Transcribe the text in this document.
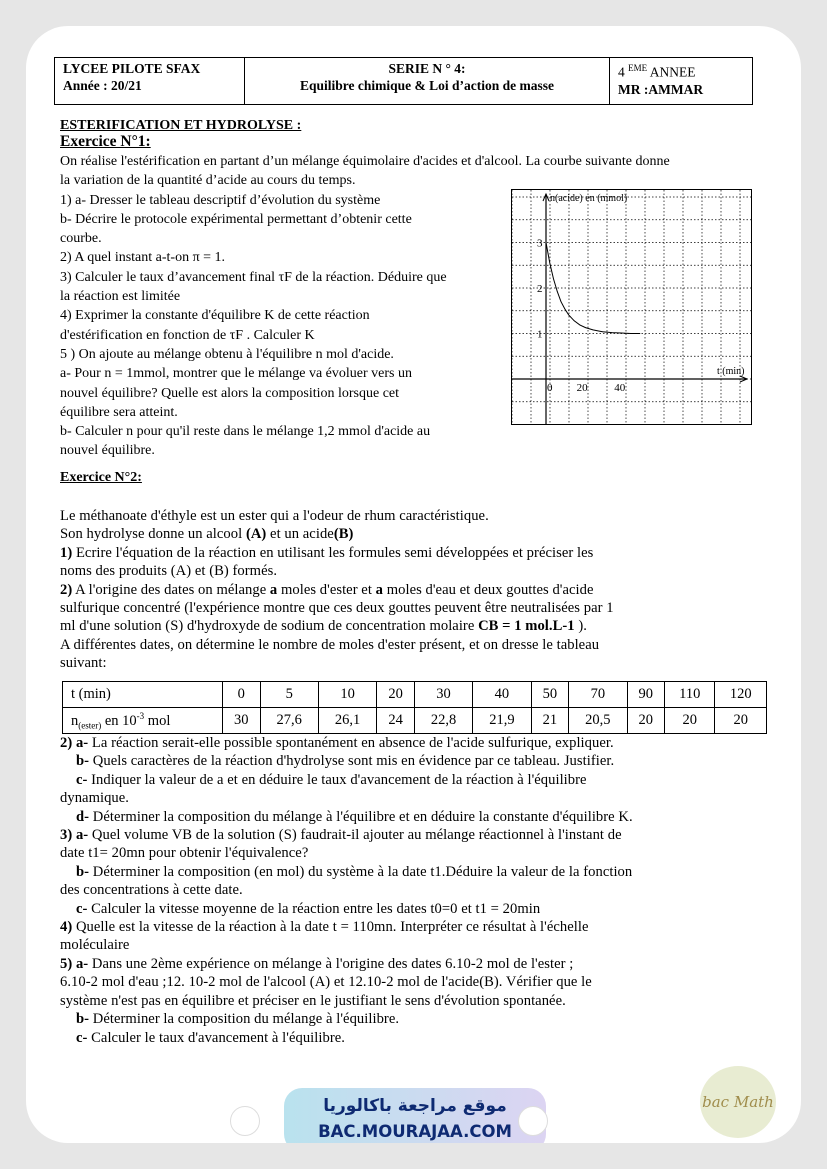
LYCEE PILOTE SFAX
Année : 20/21
SERIE N ° 4:
Equilibre chimique & Loi d’action de masse
4 $^{EME}$ ANNEE
MR :AMMAR
ESTERIFICATION ET HYDROLYSE :
Exercice N°1:
On réalise l'estérification en partant d’un mélange équimolaire d'acides et d'alcool. La courbe suivante donne
la variation de la quantité d’acide au cours du temps.
1) a- Dresser le tableau descriptif d’évolution du système
b- Décrire le protocole expérimental permettant d’obtenir cette
courbe.
2) A quel instant a-t-on π = 1.
3) Calculer le taux d’avancement final τF de la réaction. Déduire que
la réaction est limitée
4) Exprimer la constante d'équilibre K de cette réaction
d'estérification en fonction de τF . Calculer K
5 ) On ajoute au mélange obtenu à l'équilibre n mol d'acide.
a- Pour n = 1mmol, montrer que le mélange va évoluer vers un
nouvel équilibre? Quelle est alors la composition lorsque cet
équilibre sera atteint.
b- Calculer n pour qu'il reste dans le mélange 1,2 mmol d'acide au
nouvel équilibre.
n(acide) en (mmol)
t (min)
1
2
3
0 20 40
Exercice N°2:
Le méthanoate d'éthyle est un ester qui a l'odeur de rhum caractéristique.
Son hydrolyse donne un alcool (A) et un acide(B)
1) Ecrire l'équation de la réaction en utilisant les formules semi développées et préciser les
noms des produits (A) et (B) formés.
2) A l'origine des dates on mélange a moles d'ester et a moles d'eau et deux gouttes d'acide
sulfurique concentré (l'expérience montre que ces deux gouttes peuvent être neutralisées par 1
ml d'une solution (S) d'hydroxyde de sodium de concentration molaire CB = 1 mol.L-1 ).
A différentes dates, on détermine le nombre de moles d'ester présent, et on dresse le tableau
suivant:
t (min)	0	5	10	20	30	40	50	70	90	110	120
$n_{(ester)}$ en $10^{-3}$ mol	30	27,6	26,1	24	22,8	21,9	21	20,5	20	20	20
2) a- La réaction serait-elle possible spontanément en absence de l'acide sulfurique, expliquer.
b- Quels caractères de la réaction d'hydrolyse sont mis en évidence par ce tableau. Justifier.
c- Indiquer la valeur de a et en déduire le taux d'avancement de la réaction à l'équilibre
dynamique.
d- Déterminer la composition du mélange à l'équilibre et en déduire la constante d'équilibre K.
3) a- Quel volume VB de la solution (S) faudrait-il ajouter au mélange réactionnel à l'instant de
date t1= 20mn pour obtenir l'équivalence?
b- Déterminer la composition (en mol) du système à la date t1.Déduire la valeur de la fonction
des concentrations à cette date.
c- Calculer la vitesse moyenne de la réaction entre les dates t0=0 et t1 = 20min
4) Quelle est la vitesse de la réaction à la date t = 110mn. Interpréter ce résultat à l'échelle
moléculaire
5) a- Dans une 2ème expérience on mélange à l'origine des dates 6.10-2 mol de l'ester ;
6.10-2 mol d'eau ;12. 10-2 mol de l'alcool (A) et 12.10-2 mol de l'acide(B). Vérifier que le
système n'est pas en équilibre et préciser en le justifiant le sens d'évolution spontanée.
b- Déterminer la composition du mélange à l'équilibre.
c- Calculer le taux d'avancement à l'équilibre.
موقع مراجعة باكالوريا
BAC.MOURAJAA.COM
bac Math
